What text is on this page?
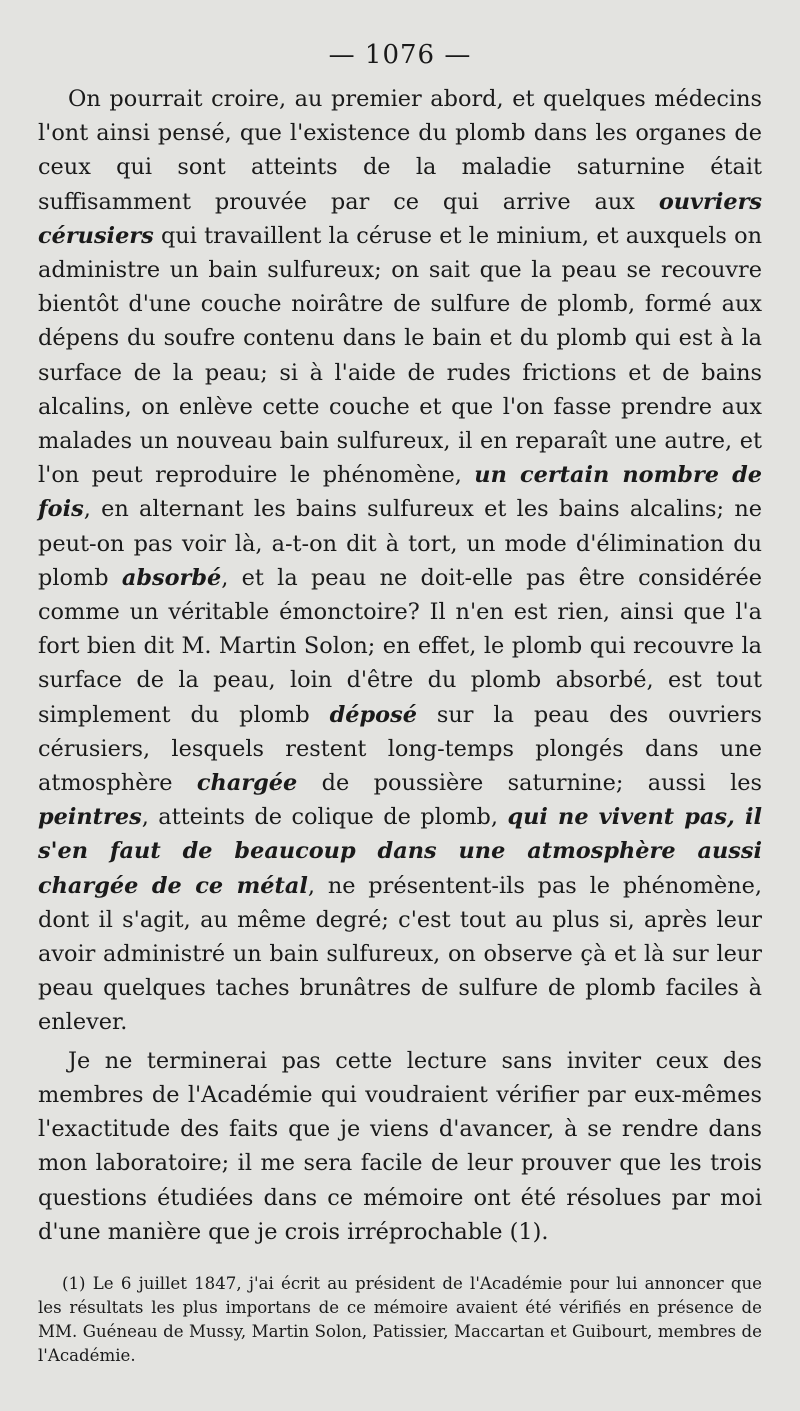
— 1076 —

On pourrait croire, au premier abord, et quelques médecins l'ont ainsi pensé, que l'existence du plomb dans les organes de ceux qui sont atteints de la maladie saturnine était suffisamment prouvée par ce qui arrive aux ouvriers cérusiers qui travaillent la céruse et le minium, et auxquels on administre un bain sulfureux; on sait que la peau se recouvre bientôt d'une couche noirâtre de sulfure de plomb, formé aux dépens du soufre contenu dans le bain et du plomb qui est à la surface de la peau; si à l'aide de rudes frictions et de bains alcalins, on enlève cette couche et que l'on fasse prendre aux malades un nouveau bain sulfureux, il en reparaît une autre, et l'on peut reproduire le phénomène, un certain nombre de fois, en alternant les bains sulfureux et les bains alcalins; ne peut-on pas voir là, a-t-on dit à tort, un mode d'élimination du plomb absorbé, et la peau ne doit-elle pas être considérée comme un véritable émonctoire? Il n'en est rien, ainsi que l'a fort bien dit M. Martin Solon; en effet, le plomb qui recouvre la surface de la peau, loin d'être du plomb absorbé, est tout simplement du plomb déposé sur la peau des ouvriers cérusiers, lesquels restent long-temps plongés dans une atmosphère chargée de poussière saturnine; aussi les peintres, atteints de colique de plomb, qui ne vivent pas, il s'en faut de beaucoup dans une atmosphère aussi chargée de ce métal, ne présentent-ils pas le phénomène, dont il s'agit, au même degré; c'est tout au plus si, après leur avoir administré un bain sulfureux, on observe çà et là sur leur peau quelques taches brunâtres de sulfure de plomb faciles à enlever.

Je ne terminerai pas cette lecture sans inviter ceux des membres de l'Académie qui voudraient vérifier par eux-mêmes l'exactitude des faits que je viens d'avancer, à se rendre dans mon laboratoire; il me sera facile de leur prouver que les trois questions étudiées dans ce mémoire ont été résolues par moi d'une manière que je crois irréprochable (1).

(1) Le 6 juillet 1847, j'ai écrit au président de l'Académie pour lui annoncer que les résultats les plus importans de ce mémoire avaient été vérifiés en présence de MM. Guéneau de Mussy, Martin Solon, Patissier, Maccartan et Guibourt, membres de l'Académie.
